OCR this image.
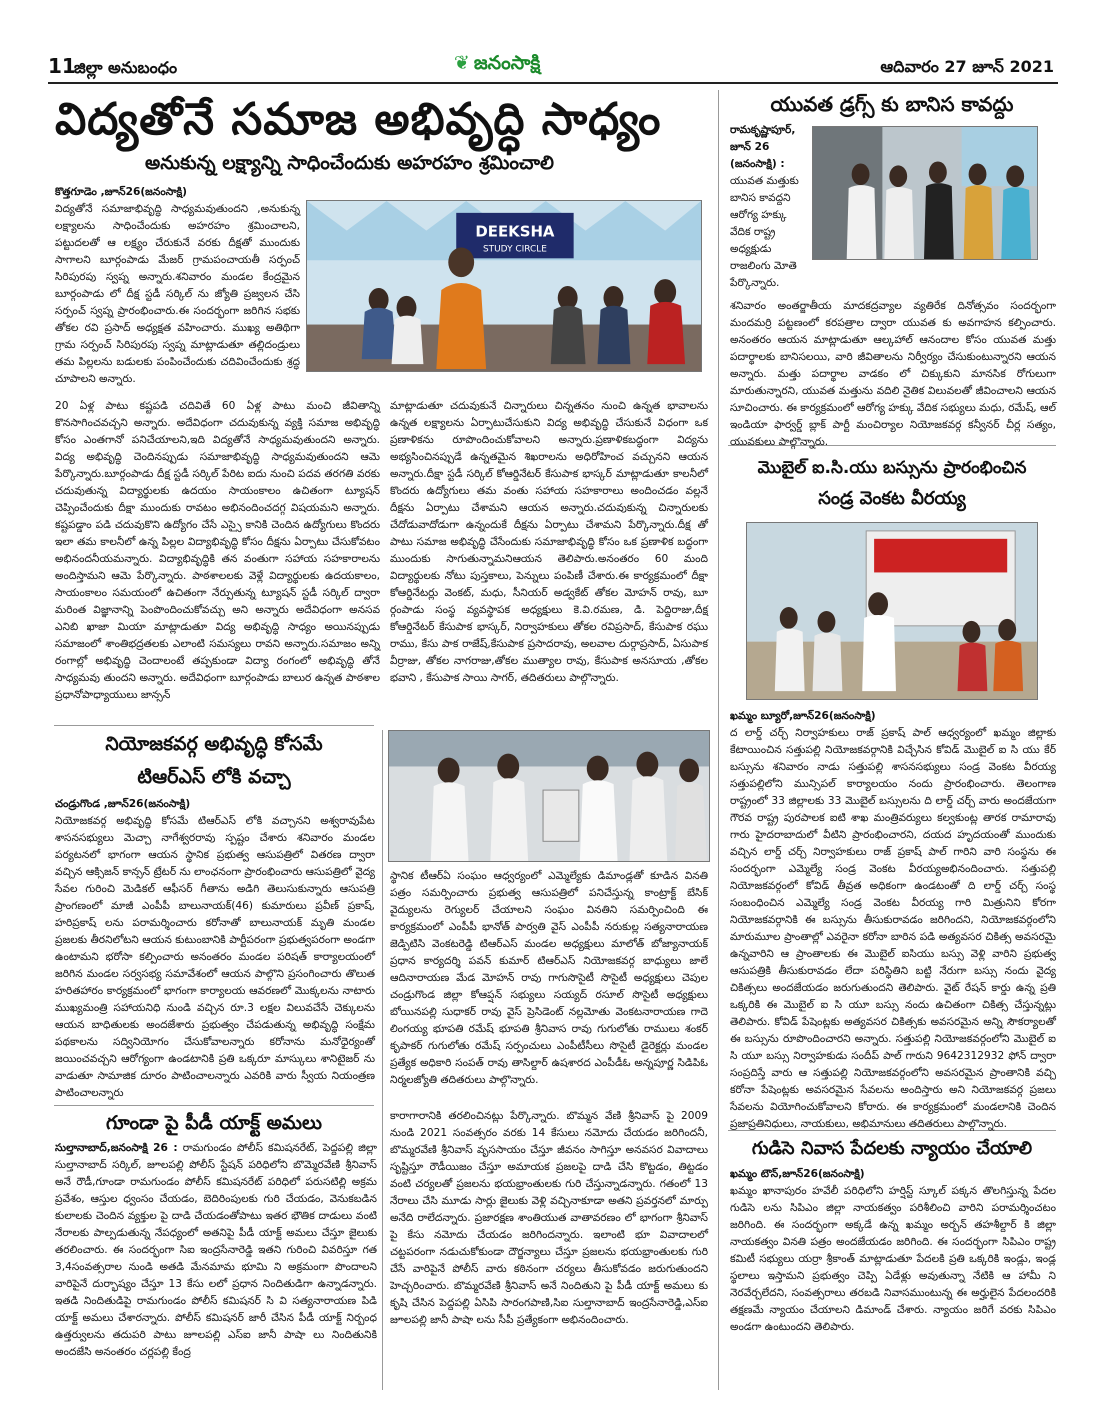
11
జిల్లా అనుబంధం	❦ జనంసాక్షి	ఆదివారం 27 జూన్ 2021
విద్యతోనే సమాజ అభివృద్ధి సాధ్యం
అనుకున్న లక్ష్యాన్ని సాధించేందుకు అహరహం శ్రమించాలి
కొత్తగూడెం ,జూన్26(జనంసాక్షి)
విద్యతోనే సమాజాభివృద్ధి సాధ్యమవుతుందని ,అనుకున్న లక్ష్యాలను సాధించేందుకు అహరహం శ్రమించాలని, పట్టుదలతో ఆ లక్ష్యం చేరుకునే వరకు దీక్షతో ముందుకు సాగాలని బూర్గంపాడు మేజర్ గ్రామపంచాయతీ సర్పంచ్ సిరిపురపు స్వప్న అన్నారు.శనివారం మండల కేంద్రమైన బూర్గంపాడు లో దీక్ష స్టడీ సర్కిల్ ను జ్యోతి ప్రజ్వలన చేసి సర్పంచ్ స్వప్న ప్రారంభించారు.ఈ సందర్భంగా జరిగిన సభకు తోకల రవి ప్రసాద్ అధ్యక్షత వహించారు. ముఖ్య అతిథిగా గ్రామ సర్పంచ్ సిరిపురపు స్వప్న మాట్లాడుతూ తల్లిదండ్రులు తమ పిల్లలను బడులకు పంపించేందుకు చదివించేందుకు శ్రద్ధ చూపాలని అన్నారు.
DEEKSHA
STUDY CIRCLE
20 ఏళ్ల పాటు కష్టపడి చదివితే 60 ఏళ్ల పాటు మంచి జీవితాన్ని కొనసాగించవచ్చని అన్నారు. అదేవిధంగా చదువుకున్న వ్యక్తి సమాజ అభివృద్ధి కోసం ఎంతగానో పనిచేయాలని,ఇది విద్యతోనే సాధ్యమవుతుందని అన్నారు. విద్య అభివృద్ధి చెందినప్పుడు సమాజాభివృద్ధి సాధ్యమవుతుందని ఆమె పేర్కొన్నారు.బూర్గంపాడు దీక్ష స్టడీ సర్కిల్ పేరిట ఐదు నుంచి పదవ తరగతి వరకు చదువుతున్న విద్యార్థులకు ఉదయం సాయంకాలం ఉచితంగా ట్యూషన్ చెప్పించేందుకు దీక్షా ముందుకు రావటం అభినందించదగ్గ విషయమని అన్నారు. కష్టపడ్డాం పడి చదువుకొని ఉద్యోగం చేసే ఎస్సై కానికి చెందిన ఉద్యోగులు కొందరు ఇలా తమ కాలనీలో ఉన్న పిల్లల విద్యాభివృద్ధి కోసం దీక్షను ఏర్పాటు చేసుకోవటం అభినందనీయమన్నారు. విద్యాభివృద్ధికి తన వంతుగా సహాయ సహకారాలను అందిస్తామని ఆమె పేర్కొన్నారు. పాఠశాలలకు వెళ్లే విద్యార్థులకు ఉదయకాలం, సాయంకాలం సమయంలో ఉచితంగా నేర్పుతున్న ట్యూషన్ స్టడీ సర్కిల్ ద్వారా మరింత విజ్ఞానాన్ని పెంపొందించుకోవచ్చు అని అన్నారు అదేవిధంగా అనసవ ఎనిబి ఖాజా మియా మాట్లాడుతూ విద్య అభివృద్ధి సాధ్యం అయినప్పుడు సమాజంలో శాంతిభద్రతలకు ఎలాంటి సమస్యలు రావని అన్నారు.సమాజం అన్ని రంగాల్లో అభివృద్ధి చెందాలంటే తప్పకుండా విద్యా రంగంలో అభివృద్ధి తోనే సాధ్యమవు తుందని అన్నారు. అదేవిధంగా బూర్గంపాడు బాలుర ఉన్నత పాఠశాల ప్రధానోపాధ్యాయులు జాన్సన్
మాట్లాడుతూ చదువుకునే చిన్నారులు చిన్నతనం నుంచి ఉన్నత భావాలను ఉన్నత లక్ష్యాలను ఏర్పాటుచేసుకుని విద్య అభివృద్ధి చేసుకునే విధంగా ఒక ప్రణాళికను రూపొందించుకోవాలని అన్నారు.ప్రణాళికబద్ధంగా విద్యను అభ్యసించినప్పుడే ఉన్నతమైన శిఖరాలను అధిరోహించ వచ్చునని ఆయన అన్నారు.దీక్షా స్టడీ సర్కిల్ కోఆర్డినేటర్ కేసుపాక భాస్కర్ మాట్లాడుతూ కాలనీలో కొందరు ఉద్యోగులు తమ వంతు సహాయ సహకారాలు అందించడం వల్లనే దీక్షను ఏర్పాటు చేశామని ఆయన అన్నారు.చదువుకున్న చిన్నారులకు చేదోడువాదోడుగా ఉన్నందుకే దీక్షను ఏర్పాటు చేశామని పేర్కొన్నారు.దీక్ష తో పాటు సమాజ అభివృద్ధి చేసేందుకు సమాజాభివృద్ధి కోసం ఒక ప్రణాళిక బద్ధంగా ముందుకు సాగుతున్నామనిఆయన తెలిపారు.అనంతరం 60 మంది విద్యార్థులకు నోటు పుస్తకాలు, పెన్నులు పంపిణీ చేశారు.ఈ కార్యక్రమంలో దీక్షా కోఆర్డినేటర్లు వెంకట్, మధు, సీనియర్ అడ్వకేట్ తోకల మోహన్ రావు, బూ ర్గంపాడు సంస్థ వ్యవస్థాపక అధ్యక్షులు కె.వి.రమణ, డి. పెద్దిరాజు,దీక్ష కోఆర్డినేటర్ కేసుపాక భాస్కర్, నిర్వాహకులు తోకల రవిప్రసాద్, కేసుపాక రఘు రాము, కేసు పాక రాజేష్,కేసుపాక ప్రసాదరావు, అలవాల దుర్గాప్రసాద్, ఏసుపాక వీర్రాజు, తోకల నాగరాజు,తోకల ముత్యాల రావు, కేసుపాక అనసూయ ,తోకల భవాని , కేసుపాక సాయి సాగర్, తదితరులు పాల్గొన్నారు.
నియోజకవర్గ అభివృద్ధి కోసమే
టిఆర్ఎస్ లోకి వచ్చా
చండ్రుగొండ ,జూన్26(జనంసాక్షి)
నియోజకవర్గ అభివృద్ధి కోసమే టిఆర్ఎస్ లోకి వచ్చానని అశ్వరావుపేట శాసనసభ్యులు మెచ్చా నాగేశ్వరరావు స్పష్టం చేశారు శనివారం మండల పర్యటనలో భాగంగా ఆయన స్థానిక ప్రభుత్వ ఆసుపత్రిలో వితరణ ద్వారా వచ్చిన ఆక్సిజన్ కాన్సన్ ట్రేటర్ ను లాంఛనంగా ప్రారంభించారు ఆసుపత్రిలో వైద్య సేవల గురించి మెడికల్ ఆఫీసర్ గీతాను అడిగి తెలుసుకున్నారు ఆసుపత్రి ప్రాంగణంలో మాజీ ఎంపీపీ బాలునాయక్(46) కుమారులు ప్రవీణ్ ప్రకాష్, హరిప్రకాష్ లను పరామర్శించారు కరోనాతో బాలునాయక్ మృతి మండల ప్రజలకు తీరనిలోటని ఆయన కుటుంబానికి పార్టీపరంగా ప్రభుత్వపరంగా అండగా ఉంటామని భరోసా కల్పించారు అనంతరం మండల పరిషత్ కార్యాలయంలో జరిగిన మండల సర్వసభ్య సమావేశంలో ఆయన పాల్గొని ప్రసంగించారు తొలుత హరితహారం కార్యక్రమంలో భాగంగా కార్యాలయ ఆవరణలో మొక్కలను నాటారు ముఖ్యమంత్రి సహాయనిధి నుండి వచ్చిన రూ.3 లక్షల విలువచేసే చెక్కులను ఆయన బాధితులకు అందజేశారు ప్రభుత్వం చేపడుతున్న అభివృద్ధి సంక్షేమ పథకాలను సద్వినియోగం చేసుకోవాలన్నారు కరోనాను మనోధైర్యంతో జయించవచ్చని ఆరోగ్యంగా ఉండటానికి ప్రతి ఒక్కరూ మాస్కులు శానిటైజర్ ను వాడుతూ సామాజిక దూరం పాటించాలన్నారు ఎవరికి వారు స్వీయ నియంత్రణ పాటించాలన్నారు
స్థానిక టీఆర్ఏ సంఘం ఆధ్వర్యంలో ఎమ్మెల్యేకు డిమాండ్లతో కూడిన వినతి పత్రం సమర్పించారు ప్రభుత్వ ఆసుపత్రిలో పనిచేస్తున్న కాంట్రాక్ట్ బేసిక్ వైద్యులను రెగ్యులర్ చేయాలని సంఘం వినతిని సమర్పించింది ఈ కార్యక్రమంలో ఎంపీపీ భానోత్ పార్వతి వైస్ ఎంపీపీ నరుకుల్ల సత్యనారాయణ జెడ్పిటిసి వెంకటరెడ్డి టిఆర్ఎస్ మండల అధ్యక్షులు మాలోత్ బోజ్యానాయక్ ప్రధాన కార్యదర్శి పవన్ కుమార్ టిఆర్ఎస్ నియోజకవర్గ బాధ్యులు జాలే ఆదినారాయణ మేడ మోహన్ రావు గాగుసొసైటీ సొసైటీ అధ్యక్షులు చెపుల చండ్రుగొండ జిల్లా కోఆప్షన్ సభ్యులు సయ్యద్ రసూల్ సొసైటీ అధ్యక్షులు బోయినపల్లి సుధాకర్ రావు వైస్ ప్రెసిడెంట్ నల్లమోతు వెంకటనారాయణ గాదె లింగయ్య భూపతి రమేష్ భూపతి శ్రీనివాస రావు గుగులోతు రాములు శంకర్ కృపాకర్ గుగులోతు రమేష్ సర్పంచులు ఎంపీటీసీలు సొసైటీ డైరెక్టర్లు మండల ప్రత్యేక అధికారి సంపత్ రావు తాసిల్దార్ ఉషశారద ఎంపీడీఓ అన్నపూర్ణ సిడిపిఓ నిర్మలజ్యోతి తదితరులు పాల్గొన్నారు.
గూండా పై పీడీ యాక్ట్ అమలు
సుల్తానాబాద్,జనంసాక్షి 26 : రామగుండం పోలీస్ కమిషనరేట్, పెద్దపల్లి జిల్లా సుల్తానాబాద్ సర్కిల్, జూలపల్లి పోలీస్ స్టేషన్ పరిధిలోని బొమ్మెరవేణి శ్రీనివాస్ అనే రౌడీ,గూండా రామగుండం పోలీస్ కమిషనరేట్ పరిధిలో పరుసటిల్లి అక్రమ ప్రవేశం, ఆస్తుల ధ్వంసం చేయడం, బెదిరింపులకు గురి చేయడం, వెనుకబడిన కులాలకు చెందిన వ్యక్తుల పై దాడి చేయడంతోపాటు ఇతర భౌతిక దాడులు వంటి నేరాలకు పాల్పడుతున్న నేపధ్యంలో అతనిపై పీడీ యాక్ట్ అమలు చేస్తూ జైలుకు తరలించారు. ఈ సందర్భంగా సిఐ ఇంద్రసేనారెడ్డి ఇతని గురించి వివరిస్తూ గత 3,4సంవత్సరాల నుండి అతడి మేనమామ భూమి ని అక్రమంగా పొందాలని వారిపైనే దుర్భాష్యం చేస్తూ 13 కేసు లలో ప్రధాన నిందితుడిగా ఉన్నాడన్నారు. ఇతడి నిందితుడిపై రామగుండం పోలీస్ కమిషనర్ సి వి సత్యనారాయణ పిడి యాక్ట్ అమలు చేశారన్నారు. పోలీస్ కమిషనర్ జారీ చేసిన పీడీ యాక్ట్ నిర్బంధ ఉత్తర్వులను తదుపరి పాటు జూలపల్లి ఎస్ఐ జానీ పాషా లు నిందితునికి అందజేసి అనంతరం చర్లపల్లి కేంద్ర
కారాగారానికి తరలించినట్లు పేర్కొన్నారు. బొమ్మన వేణి శ్రీనివాస్ పై 2009 నుండి 2021 సంవత్సరం వరకు 14 కేసులు నమోదు చేయడం జరిగిందనీ, బొమ్మరవేణి శ్రీనివాస్ వృససాయం చేస్తూ జీవనం సాగిస్తూ అనవసర వివాదాలు సృష్టిస్తూ రౌడీయిజం చేస్తూ అమాయక ప్రజలపై దాడి చేసి కొట్టడం, తిట్టడం వంటి చర్యలతో ప్రజలను భయభ్రాంతులకు గురి చేస్తున్నాడన్నారు. గతంలో 13 నేరాలు చేసి మూడు సార్లు జైలుకు వెళ్లి వచ్చినాకూడా అతని ప్రవర్తనలో మార్పు అనేది రాలేదన్నారు. ప్రజారక్షణ శాంతియుత వాతావరణం లో భాగంగా శ్రీనివాస్ పై కేసు నమోదు చేయడం జరిగిందన్నారు. ఇలాంటి భూ వివాదాలలో చట్టపరంగా నడుచుకోకుండా దౌర్జన్యాలు చేస్తూ ప్రజలను భయభ్రాంతులకు గురి చేసే వారిపైనే పోలీస్ వారు కఠినంగా చర్యలు తీసుకోవడం జరుగుతుందని హెచ్చరించారు. బొమ్మరవేణి శ్రీనివాస్ అనే నిందితుని పై పీడీ యాక్ట్ అమలు కు కృషి చేసిన పెద్దపల్లి ఏసిపి సారంగపాణి,సిఐ సుల్తానాబాద్ ఇంద్రసేనారెడ్డి,ఎస్ఐ జూలపల్లి జానీ పాషా లను సీపీ ప్రత్యేకంగా అభినందించారు.
యువత డ్రగ్స్ కు బానిస కావద్దు
రామకృష్ణాపూర్, జూన్ 26 (జనంసాక్షి) : యువత మత్తుకు బానిస కావద్దని ఆరోగ్య హక్కు వేదిక రాష్ట్ర అధ్యక్షుడు రాజలింగు మోతె పేర్కొన్నారు.
శనివారం అంతర్జాతీయ మాదకద్రవ్యాల వ్యతిరేక దినోత్సవం సందర్భంగా మందమర్రి పట్టణంలో కరపత్రాల ద్వారా యువత కు అవగాహన కల్పించారు. అనంతరం ఆయన మాట్లాడుతూ ఆల్కహాల్ ఆనందాల కోసం యువత మత్తు పదార్థాలకు బానిసలయి, వారి జీవితాలను నిర్వీర్యం చేసుకుంటున్నారని ఆయన అన్నారు. మత్తు పదార్థాల వాడకం లో చిక్కుకుని మానసిక రోగులుగా మారుతున్నారని, యువత మత్తును వదిలి నైతిక విలువలతో జీవించాలని ఆయన సూచించారు. ఈ కార్యక్రమంలో ఆరోగ్య హక్కు వేదిక సభ్యులు మధు, రమేష్, ఆల్ ఇండియా ఫార్వర్డ్ బ్లాక్ పార్టీ మంచిర్యాల నియోజకవర్గ కన్వీనర్ చీర్ల సత్యం, యువకులు పాల్గొన్నారు.
మొబైల్ ఐ.సి.యు బస్సును ప్రారంభించిన
సండ్ర వెంకట వీరయ్య
ఖమ్మం బ్యూరో,జూన్26(జనంసాక్షి)
ద లార్డ్ చర్చ్ నిర్వాహకులు రాజ్ ప్రకాష్ పాల్ ఆధ్వర్యంలో ఖమ్మం జిల్లాకు కేటాయించిన సత్తుపల్లి నియోజకవర్గానికి విచ్చేసిన కోవిడ్ మొబైల్ ఐ సి యు కేర్ బస్సును శనివారం నాడు సత్తుపల్లి శాసనసభ్యులు సండ్ర వెంకట వీరయ్య సత్తుపల్లిలోని మున్సిపల్ కార్యాలయం నందు ప్రారంభించారు. తెలంగాణ రాష్ట్రంలో 33 జిల్లాలకు 33 మొబైల్ బస్సులను ది లార్డ్ చర్చ్ వారు అందజేయగా గౌరవ రాష్ట్ర పురపాలక ఐటి శాఖ మంత్రివర్యులు కల్వకుంట్ల తారక రామారావు గారు హైదరాబాదులో వీటిని ప్రారంభించారని, దయద హృదయంతో ముందుకు వచ్చిన లార్డ్ చర్చ్ నిర్వాహకులు రాజ్ ప్రకాష్ పాల్ గారిని వారి సంస్థను ఈ సందర్భంగా ఎమ్మెల్యే సండ్ర వెంకట వీరయ్యఅభినందించారు. సత్తుపల్లి నియోజకవర్గంలో కోవిడ్ తీవ్రత అధికంగా ఉండటంతో ది లార్డ్ చర్చ్ సంస్థ సంబంధించిన ఎమ్మెల్యే సండ్ర వెంకట వీరయ్య గారి మిత్రునిని కోరగా నియోజకవర్గానికి ఈ బస్సును తీసుకురావడం జరిగిందని, నియోజకవర్గంలోని మారుమూల ప్రాంతాల్లో ఎవరైనా కరోనా బారిన పడి అత్యవసర చికిత్స అవసరమై ఉన్నవారిని ఆ ప్రాంతాలకు ఈ మొబైల్ ఐసియు బస్సు వెళ్లి వారిని ప్రభుత్వ ఆసుపత్రికి తీసుకురావడం లేదా పరిస్థితిని బట్టి నేరుగా బస్సు నందు వైద్య చికిత్సలు అందజేయడం జరుగుతుందని తెలిపారు. వైట్ రేషన్ కార్డు ఉన్న ప్రతి ఒక్కరికి ఈ మొబైల్ ఐ సి యూ బస్సు నందు ఉచితంగా చికిత్స చేస్తున్నట్లు తెలిపారు. కోవిడ్ పేషెంట్లకు అత్యవసర చికిత్సకు అవసరమైన అన్ని సౌకర్యాలతో ఈ బస్సును రూపొందించారని అన్నారు. సత్తుపల్లి నియోజకవర్గంలోని మొబైల్ ఐ సి యూ బస్సు నిర్వాహకుడు సందీప్ పాల్ గారుని 9642312932 ఫోన్ ద్వారా సంప్రదిస్తే వారు ఆ సత్తుపల్లి నియోజకవర్గంలోని అవసరమైన ప్రాంతానికి వచ్చి కరోనా పేషెంట్లకు అవసరమైన సేవలను అందిస్తారు అని నియోజకవర్గ ప్రజలు సేవలను వియోగించుకోవాలని కోరారు. ఈ కార్యక్రమంలో మండలానికి చెందిన ప్రజాప్రతినిధులు, నాయకులు, అభిమానులు తదితరులు పాల్గొన్నారు.
గుడిసె నివాస పేదలకు న్యాయం చేయాలి
ఖమ్మం టౌన్,జూన్26(జనంసాక్షి)
ఖమ్మం ఖానాపురం హవేలీ పరిధిలోని హర్షిస్ట్ స్కూల్ పక్కన తొలగిస్తున్న పేదల గుడిసె లను సిపిఎం జిల్లా నాయకత్వం పరిశీలించి వారిని పరామర్శించటం జరిగింది. ఈ సందర్భంగా అక్కడే ఉన్న ఖమ్మం అర్బన్ తహశీల్దార్ కి జిల్లా నాయకత్వం వినతి పత్రం అందజేయడం జరిగింది. ఈ సందర్భంగా సిపిఎం రాష్ట్ర కమిటీ సభ్యులు యర్రా శ్రీకాంత్ మాట్లాడుతూ పేదలకి ప్రతి ఒక్కరికి ఇండ్లు, ఇండ్ల స్థలాలు ఇస్తామని ప్రభుత్వం చెప్పి ఏడేళ్లు అవుతున్నా నేటికి ఆ హామీ ని నెరవేర్చలేదని, సంవత్సరాలు తరబడి నివాసముంటున్న ఈ అర్హులైన పేదలందరికి తక్షణమే న్యాయం చేయాలని డిమాండ్ చేశారు. న్యాయం జరిగే వరకు సిపిఎం అండగా ఉంటుందని తెలిపారు.
